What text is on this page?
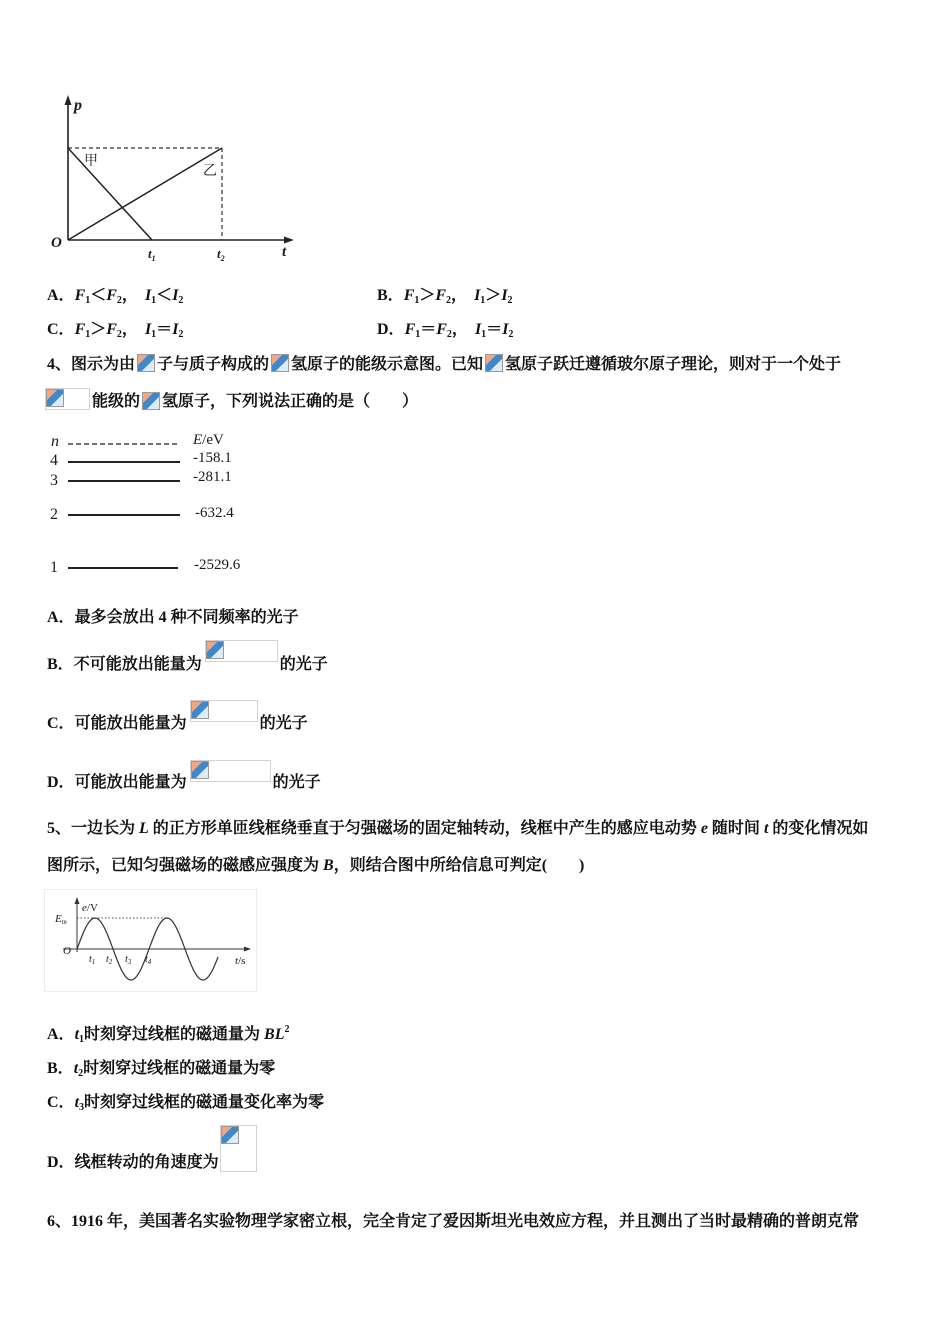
p
O
甲
乙
$t_1$	$t_2$	t
A．$F_1<F_2$， $I_1<I_2$	B．$F_1>F_2$， $I_1>I_2$
C．$F_1>F_2$， $I_1=I_2$	D．$F_1=F_2$， $I_1=I_2$
4、图示为由 子与质子构成的 氢原子的能级示意图。已知 氢原子跃迁遵循玻尔原子理论，则对于一个处于
能级的 氢原子，下列说法正确的是（　　）
n	E/eV
4	-158.1
3	-281.1
2	-632.4
1	-2529.6
A．最多会放出 4 种不同频率的光子
B．不可能放出能量为	的光子
C．可能放出能量为	的光子
D．可能放出能量为	的光子
5、一边长为 L 的正方形单匝线框绕垂直于匀强磁场的固定轴转动，线框中产生的感应电动势 e 随时间 t 的变化情况如
图所示，已知匀强磁场的磁感应强度为 B，则结合图中所给信息可判定(　　)
e/V
Em
O
$t_1$ $t_2$ $t_3$ $t_4$	t/s
A．$t_1$时刻穿过线框的磁通量为 $BL^2$
B．$t_2$时刻穿过线框的磁通量为零
C．$t_3$时刻穿过线框的磁通量变化率为零
D．线框转动的角速度为
6、1916 年，美国著名实验物理学家密立根，完全肯定了爱因斯坦光电效应方程，并且测出了当时最精确的普朗克常
